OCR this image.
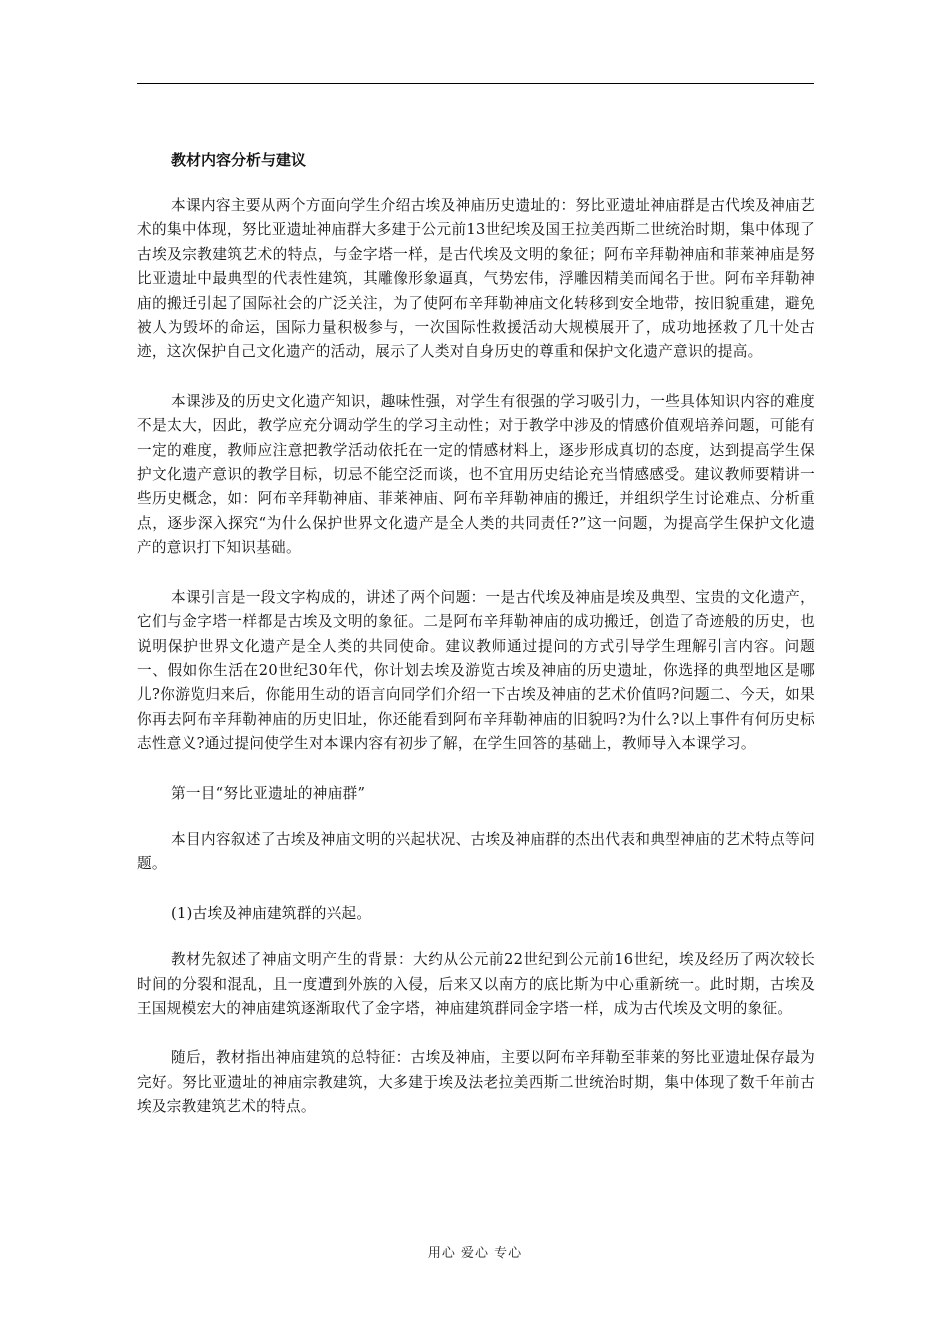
教材内容分析与建议

本课内容主要从两个方面向学生介绍古埃及神庙历史遗址的：努比亚遗址神庙群是古代埃及神庙艺术的集中体现，努比亚遗址神庙群大多建于公元前13世纪埃及国王拉美西斯二世统治时期，集中体现了古埃及宗教建筑艺术的特点，与金字塔一样，是古代埃及文明的象征；阿布辛拜勒神庙和菲莱神庙是努比亚遗址中最典型的代表性建筑，其雕像形象逼真，气势宏伟，浮雕因精美而闻名于世。阿布辛拜勒神庙的搬迁引起了国际社会的广泛关注，为了使阿布辛拜勒神庙文化转移到安全地带，按旧貌重建，避免被人为毁坏的命运，国际力量积极参与，一次国际性救援活动大规模展开了，成功地拯救了几十处古迹，这次保护自己文化遗产的活动，展示了人类对自身历史的尊重和保护文化遗产意识的提高。

本课涉及的历史文化遗产知识，趣味性强，对学生有很强的学习吸引力，一些具体知识内容的难度不是太大，因此，教学应充分调动学生的学习主动性；对于教学中涉及的情感价值观培养问题，可能有一定的难度，教师应注意把教学活动依托在一定的情感材料上，逐步形成真切的态度，达到提高学生保护文化遗产意识的教学目标，切忌不能空泛而谈，也不宜用历史结论充当情感感受。建议教师要精讲一些历史概念，如：阿布辛拜勒神庙、菲莱神庙、阿布辛拜勒神庙的搬迁，并组织学生讨论难点、分析重点，逐步深入探究“为什么保护世界文化遗产是全人类的共同责任?”这一问题，为提高学生保护文化遗产的意识打下知识基础。

本课引言是一段文字构成的，讲述了两个问题：一是古代埃及神庙是埃及典型、宝贵的文化遗产，它们与金字塔一样都是古埃及文明的象征。二是阿布辛拜勒神庙的成功搬迁，创造了奇迹般的历史，也说明保护世界文化遗产是全人类的共同使命。建议教师通过提问的方式引导学生理解引言内容。问题一、假如你生活在20世纪30年代，你计划去埃及游览古埃及神庙的历史遗址，你选择的典型地区是哪儿?你游览归来后，你能用生动的语言向同学们介绍一下古埃及神庙的艺术价值吗?问题二、今天，如果你再去阿布辛拜勒神庙的历史旧址，你还能看到阿布辛拜勒神庙的旧貌吗?为什么?以上事件有何历史标志性意义?通过提问使学生对本课内容有初步了解，在学生回答的基础上，教师导入本课学习。

第一目“努比亚遗址的神庙群”

本目内容叙述了古埃及神庙文明的兴起状况、古埃及神庙群的杰出代表和典型神庙的艺术特点等问题。

(1)古埃及神庙建筑群的兴起。

教材先叙述了神庙文明产生的背景：大约从公元前22世纪到公元前16世纪，埃及经历了两次较长时间的分裂和混乱，且一度遭到外族的入侵，后来又以南方的底比斯为中心重新统一。此时期，古埃及王国规模宏大的神庙建筑逐渐取代了金字塔，神庙建筑群同金字塔一样，成为古代埃及文明的象征。

随后，教材指出神庙建筑的总特征：古埃及神庙，主要以阿布辛拜勒至菲莱的努比亚遗址保存最为完好。努比亚遗址的神庙宗教建筑，大多建于埃及法老拉美西斯二世统治时期，集中体现了数千年前古埃及宗教建筑艺术的特点。

用心 爱心 专心
